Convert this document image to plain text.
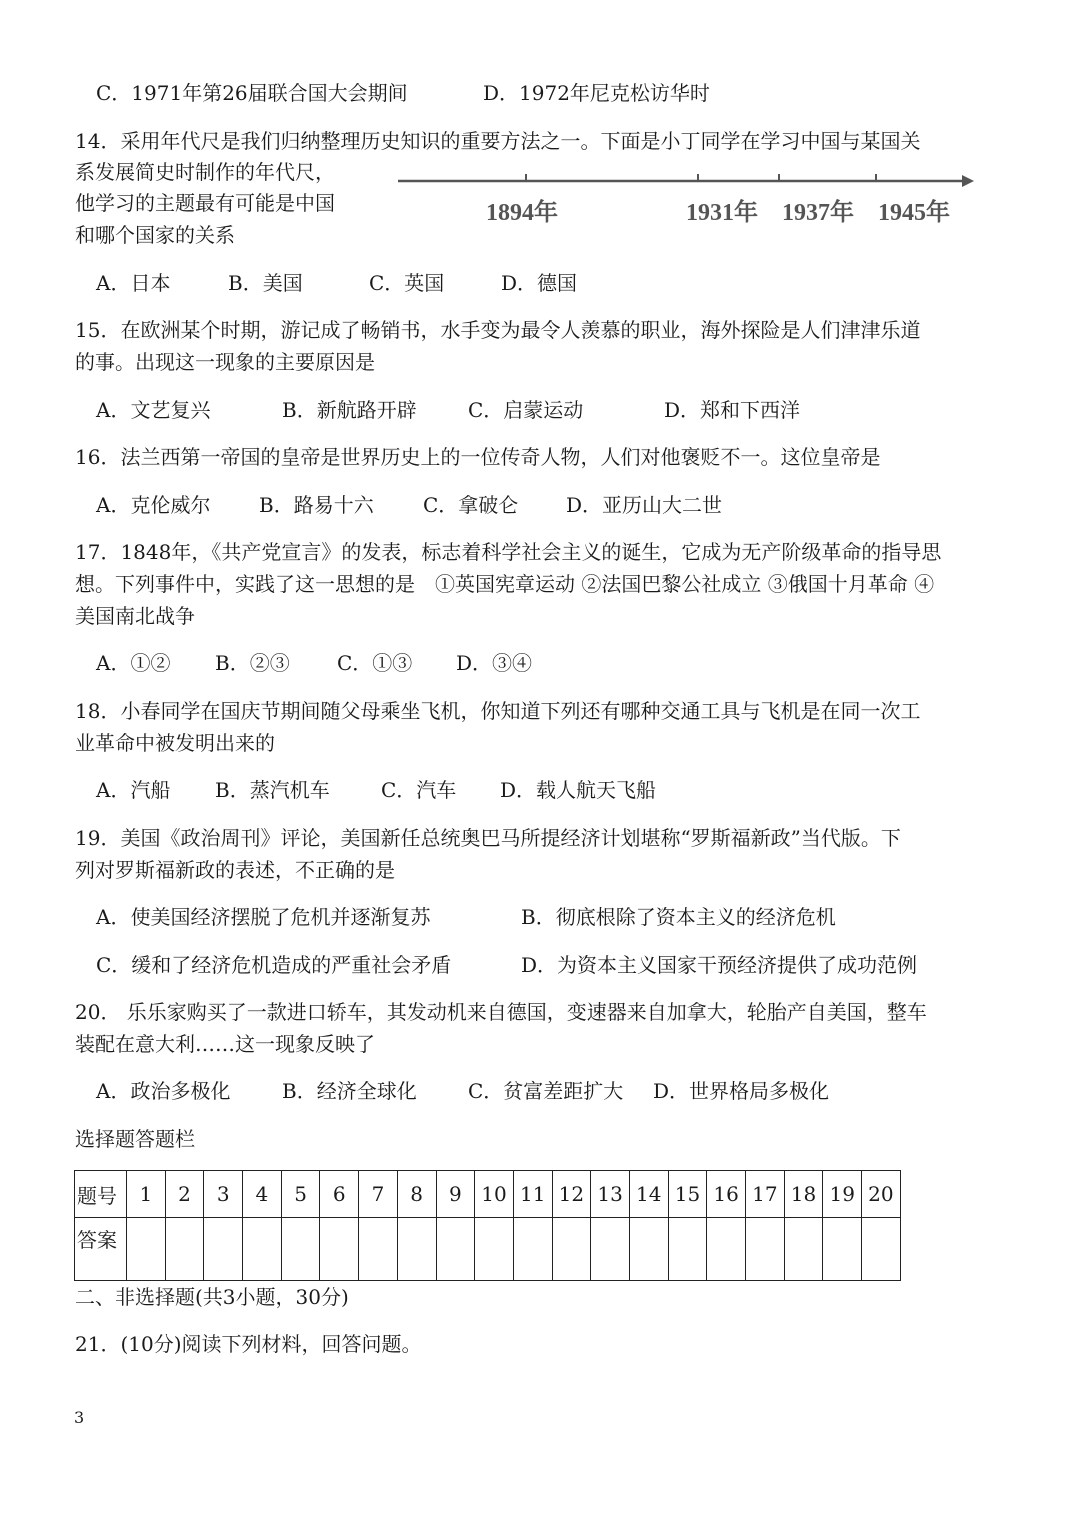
C．1971年第26届联合国大会期间	D．1972年尼克松访华时
14．采用年代尺是我们归纳整理历史知识的重要方法之一。下面是小丁同学在学习中国与某国关
系发展简史时制作的年代尺，
他学习的主题最有可能是中国
和哪个国家的关系
1894年	1931年 1937年 1945年
A．日本	B．美国	C．英国	D．德国
15．在欧洲某个时期，游记成了畅销书，水手变为最令人羡慕的职业，海外探险是人们津津乐道
的事。出现这一现象的主要原因是
A．文艺复兴	B．新航路开辟	C．启蒙运动	D．郑和下西洋
16．法兰西第一帝国的皇帝是世界历史上的一位传奇人物，人们对他褒贬不一。这位皇帝是
A．克伦威尔 B．路易十六 C．拿破仑 D．亚历山大二世
17．1848年，《共产党宣言》的发表，标志着科学社会主义的诞生，它成为无产阶级革命的指导思
想。下列事件中，实践了这一思想的是　①英国宪章运动 ②法国巴黎公社成立 ③俄国十月革命 ④
美国南北战争
A．①② B．②③ C．①③ D．③④
18．小春同学在国庆节期间随父母乘坐飞机，你知道下列还有哪种交通工具与飞机是在同一次工
业革命中被发明出来的
A．汽船 B．蒸汽机车	C．汽车 D．载人航天飞船
19．美国《政治周刊》评论，美国新任总统奥巴马所提经济计划堪称“罗斯福新政”当代版。下
列对罗斯福新政的表述，不正确的是
A．使美国经济摆脱了危机并逐渐复苏	B．彻底根除了资本主义的经济危机
C．缓和了经济危机造成的严重社会矛盾	D．为资本主义国家干预经济提供了成功范例
20． 乐乐家购买了一款进口轿车，其发动机来自德国，变速器来自加拿大，轮胎产自美国，整车
装配在意大利……这一现象反映了
A．政治多极化	B．经济全球化	C．贫富差距扩大 D．世界格局多极化
选择题答题栏
题号	1	2	3	4	5	6	7	8	9	10	11	12	13	14	15	16	17	18	19	20
答案																				
二、非选择题(共3小题，30分)
21．(10分)阅读下列材料，回答问题。
3
